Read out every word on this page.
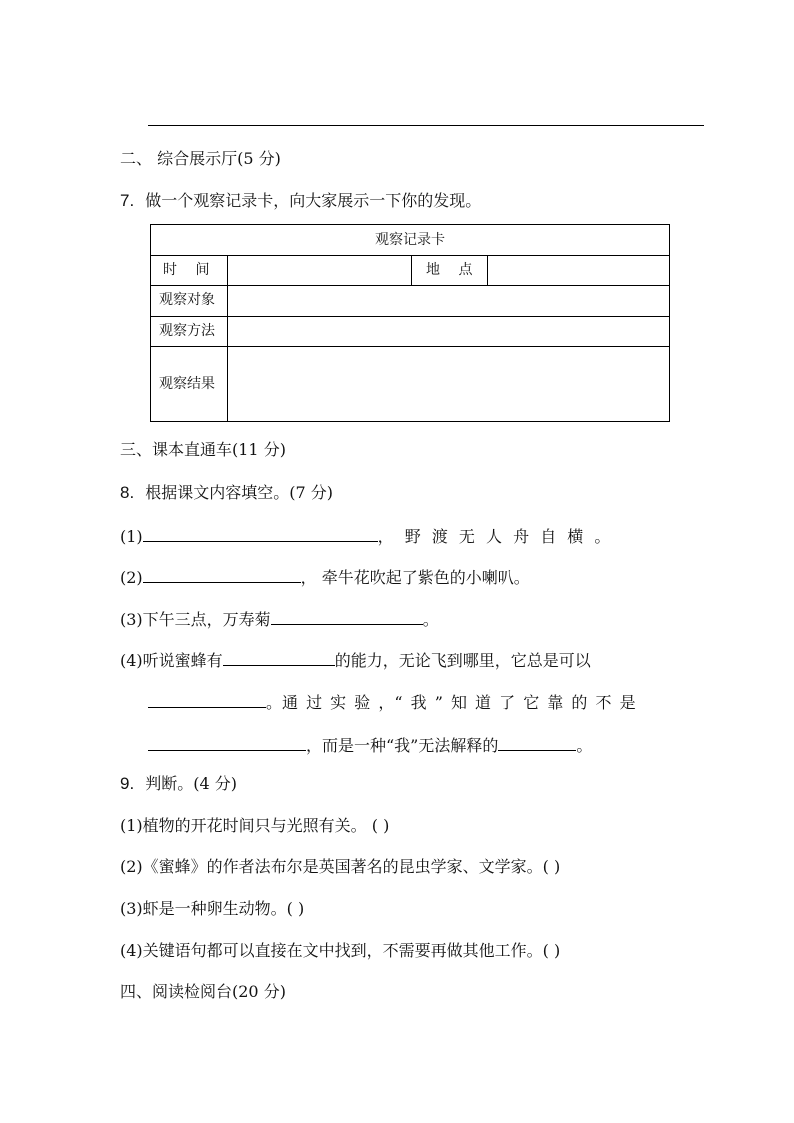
二、 综合展示厅(5 分)
7. 做一个观察记录卡，向大家展示一下你的发现。
观察记录卡
时 间	地 点
观察对象
观察方法
观察结果
三、课本直通车(11 分)
8. 根据课文内容填空。(7 分)
(1)	， 野 渡 无 人 舟 自 横 。
(2)	， 牵牛花吹起了紫色的小喇叭。
(3)下午三点，万寿菊	。
(4)听说蜜蜂有	的能力，无论飞到哪里，它总是可以
。通 过 实 验 ，“ 我 ” 知 道 了 它 靠 的 不 是
，而是一种“我”无法解释的	。
9. 判断。(4 分)
(1)植物的开花时间只与光照有关。 ( )
(2)《蜜蜂》的作者法布尔是英国著名的昆虫学家、文学家。( )
(3)虾是一种卵生动物。( )
(4)关键语句都可以直接在文中找到，不需要再做其他工作。( )
四、阅读检阅台(20 分)
